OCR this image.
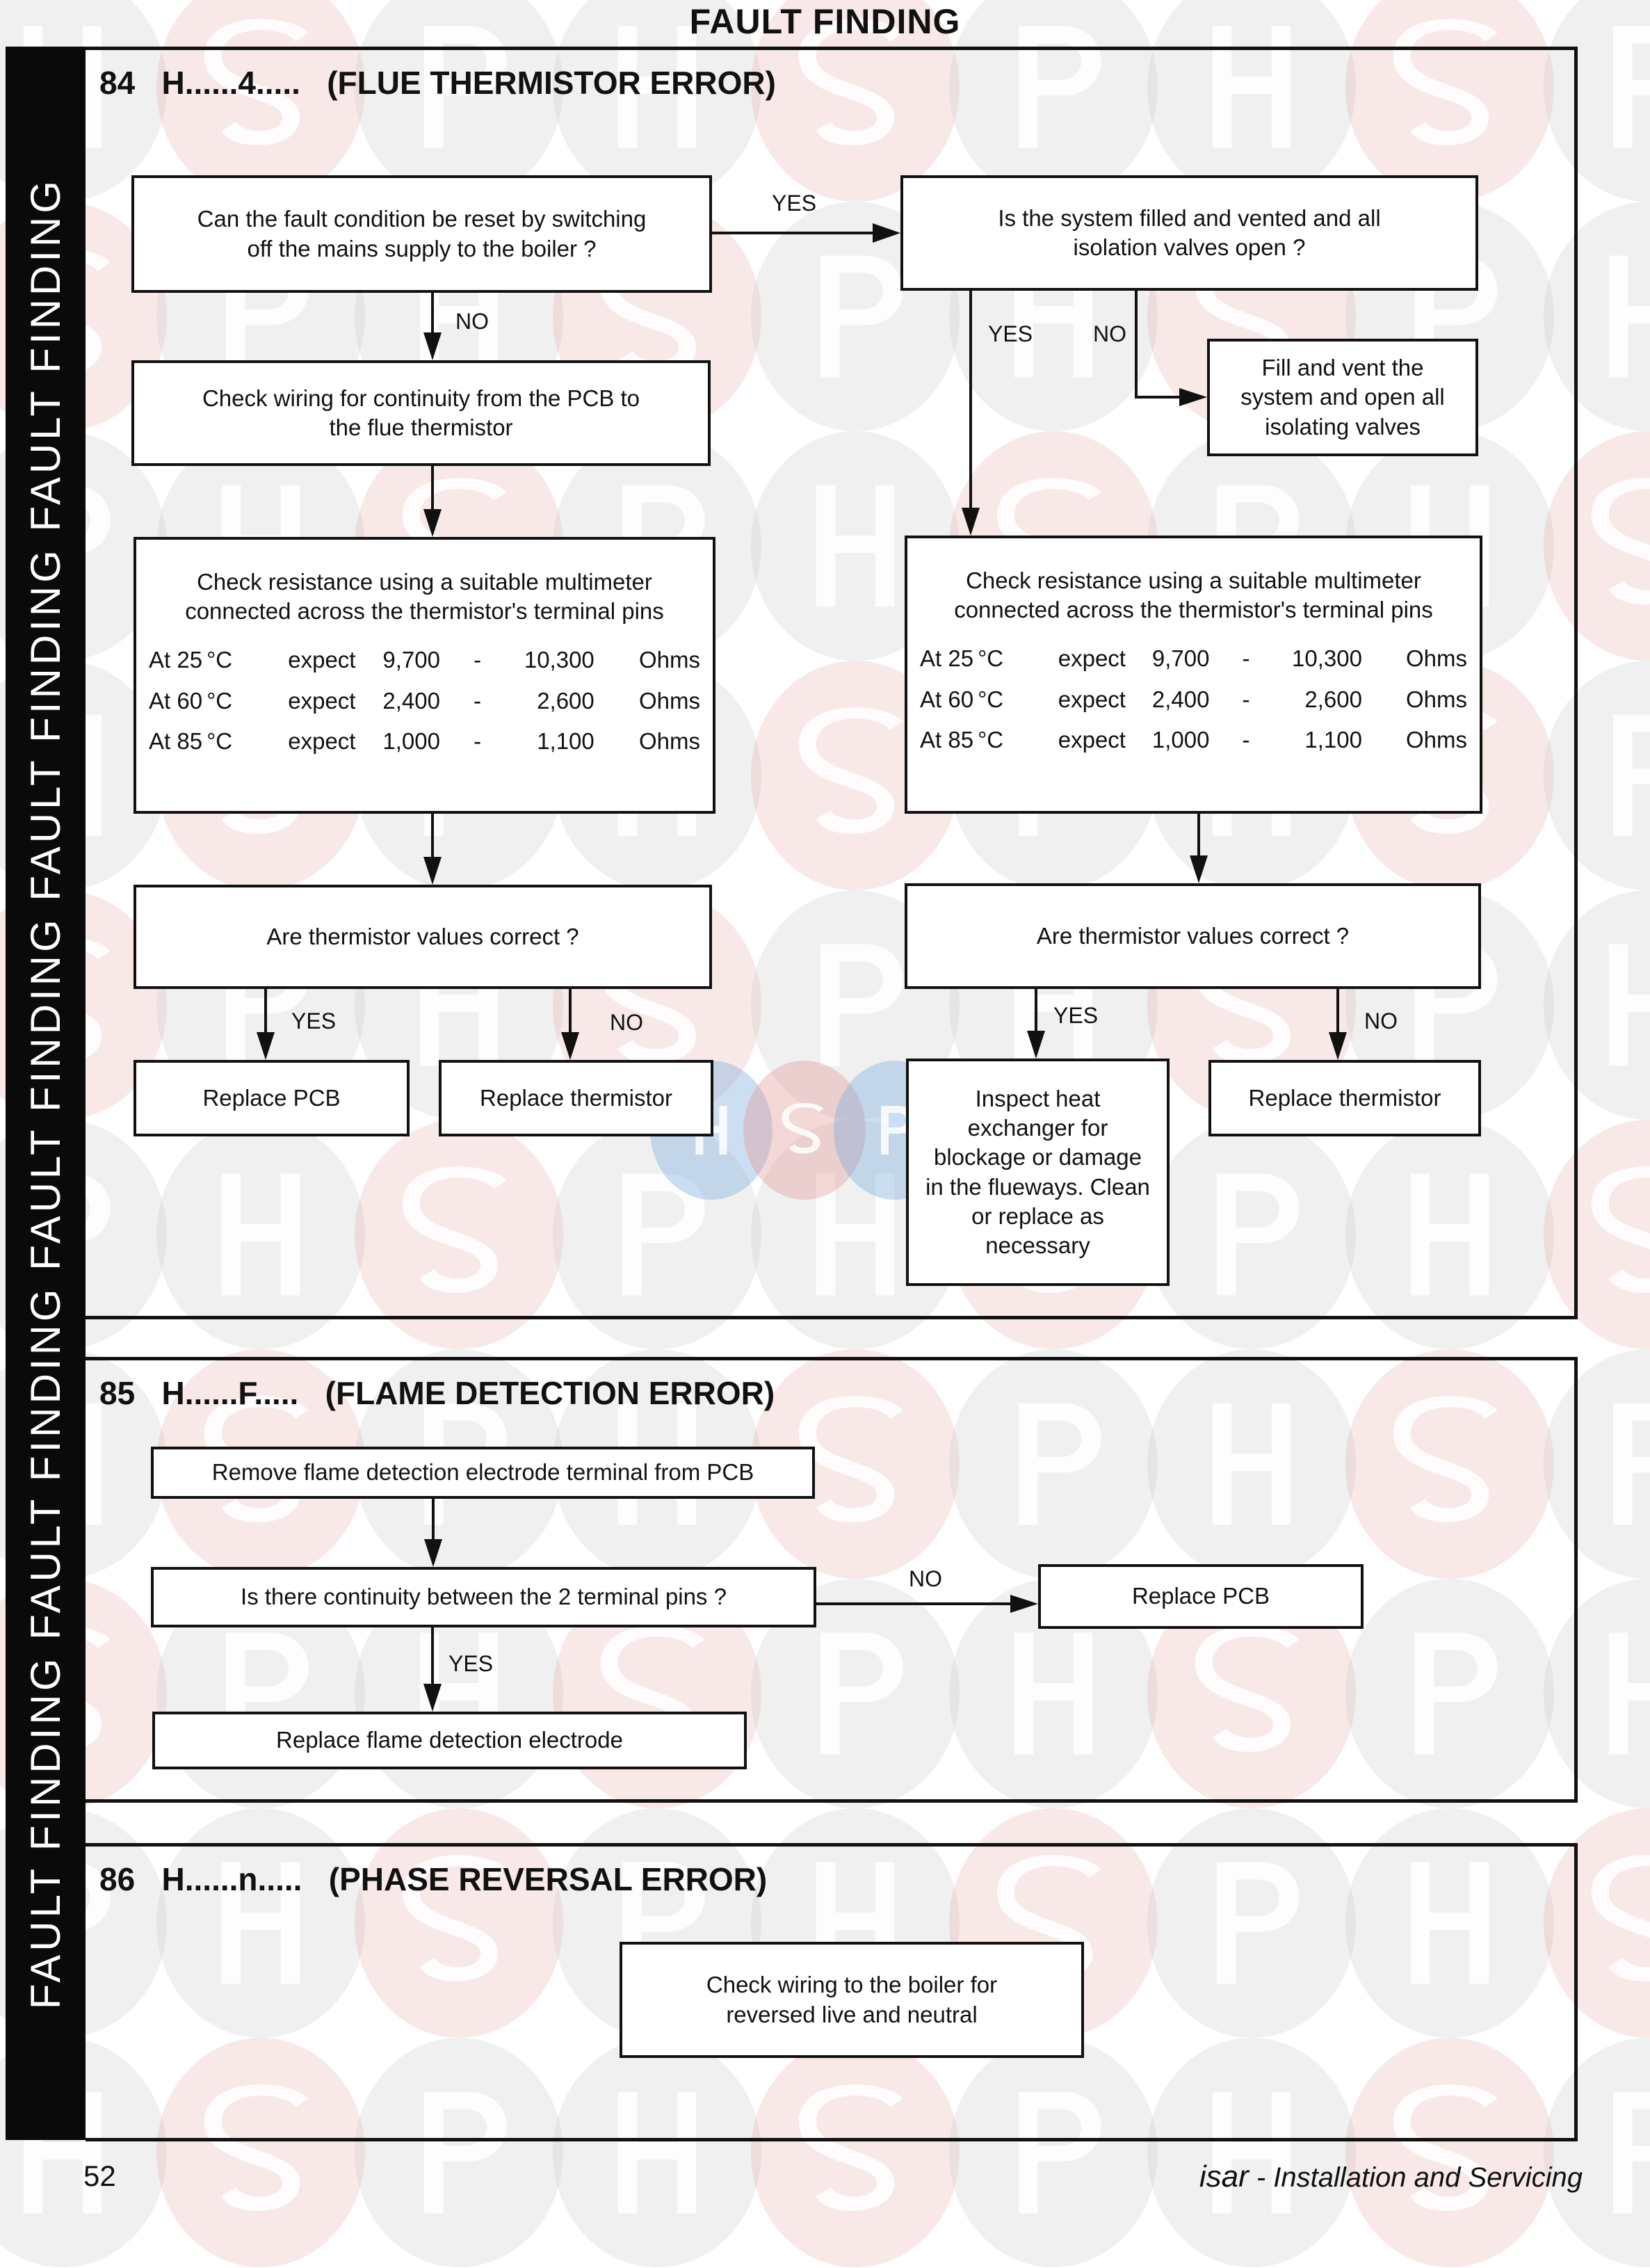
FAULT FINDING
FAULT FINDING FAULT FINDING FAULT FINDING FAULT FINDING FAULT FINDING
84   H......4.....   (FLUE THERMISTOR ERROR)
Can the fault condition be reset by switching off the mains supply to the boiler ?
Is the system filled and vented and all isolation valves open ?
Check wiring for continuity from the PCB to the flue thermistor
Fill and vent the system and open all isolating valves
Check resistance using a suitable multimeter connected across the thermistor's terminal pins
At 25 °C	expect	9,700	-	10,300	Ohms
At 60 °C	expect	2,400	-	2,600	Ohms
At 85 °C	expect	1,000	-	1,100	Ohms
Check resistance using a suitable multimeter connected across the thermistor's terminal pins
At 25 °C	expect	9,700	-	10,300	Ohms
At 60 °C	expect	2,400	-	2,600	Ohms
At 85 °C	expect	1,000	-	1,100	Ohms
Are thermistor values correct ?	Are thermistor values correct ?
Replace PCB	Replace thermistor	Inspect heat exchanger for blockage or damage in the flueways. Clean or replace as necessary
Replace thermistor
YES
NO	YES	NO
YES	NO	YES	NO
85   H......F.....   (FLAME DETECTION ERROR)
Remove flame detection electrode terminal from PCB
Is there continuity between the 2 terminal pins ?	Replace PCB
Replace flame detection electrode
NO
YES
86   H......n.....   (PHASE REVERSAL ERROR)
Check wiring to the boiler for reversed live and neutral
52	isar - Installation and Servicing
